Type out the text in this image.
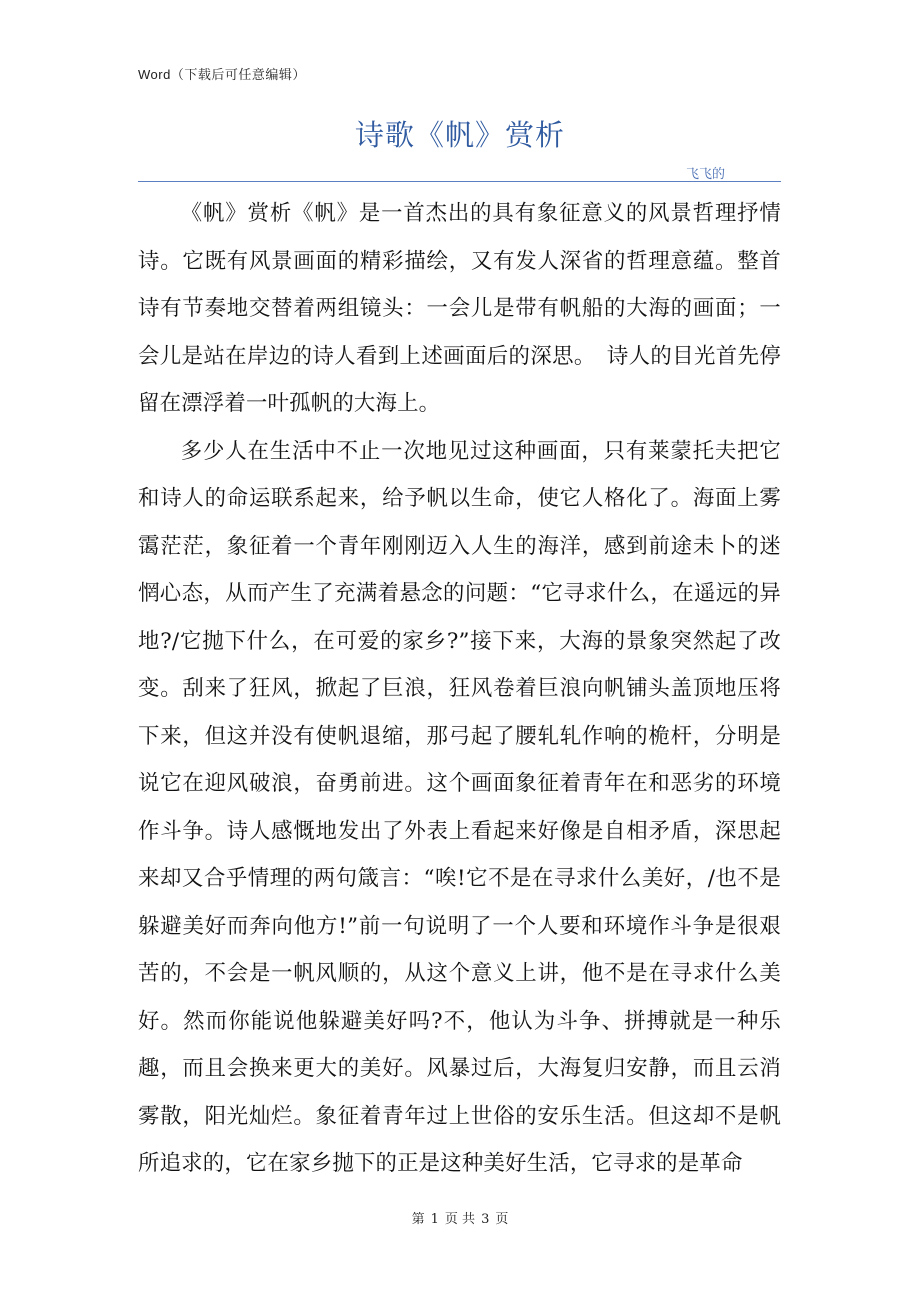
Word（下载后可任意编辑）
诗歌《帆》赏析
飞飞的

《帆》赏析《帆》是一首杰出的具有象征意义的风景哲理抒情诗。它既有风景画面的精彩描绘，又有发人深省的哲理意蕴。整首诗有节奏地交替着两组镜头：一会儿是带有帆船的大海的画面；一会儿是站在岸边的诗人看到上述画面后的深思。　诗人的目光首先停留在漂浮着一叶孤帆的大海上。

多少人在生活中不止一次地见过这种画面，只有莱蒙托夫把它和诗人的命运联系起来，给予帆以生命，使它人格化了。海面上雾霭茫茫，象征着一个青年刚刚迈入人生的海洋，感到前途未卜的迷惘心态，从而产生了充满着悬念的问题：“它寻求什么，在遥远的异地?/它抛下什么，在可爱的家乡?”接下来，大海的景象突然起了改变。刮来了狂风，掀起了巨浪，狂风卷着巨浪向帆铺头盖顶地压将下来，但这并没有使帆退缩，那弓起了腰轧轧作响的桅杆，分明是说它在迎风破浪，奋勇前进。这个画面象征着青年在和恶劣的环境作斗争。诗人感慨地发出了外表上看起来好像是自相矛盾，深思起来却又合乎情理的两句箴言：“唉!它不是在寻求什么美好，/也不是躲避美好而奔向他方!”前一句说明了一个人要和环境作斗争是很艰苦的，不会是一帆风顺的，从这个意义上讲，他不是在寻求什么美好。然而你能说他躲避美好吗?不，他认为斗争、拼搏就是一种乐趣，而且会换来更大的美好。风暴过后，大海复归安静，而且云消雾散，阳光灿烂。象征着青年过上世俗的安乐生活。但这却不是帆所追求的，它在家乡抛下的正是这种美好生活，它寻求的是革命

第 1 页 共 3 页
